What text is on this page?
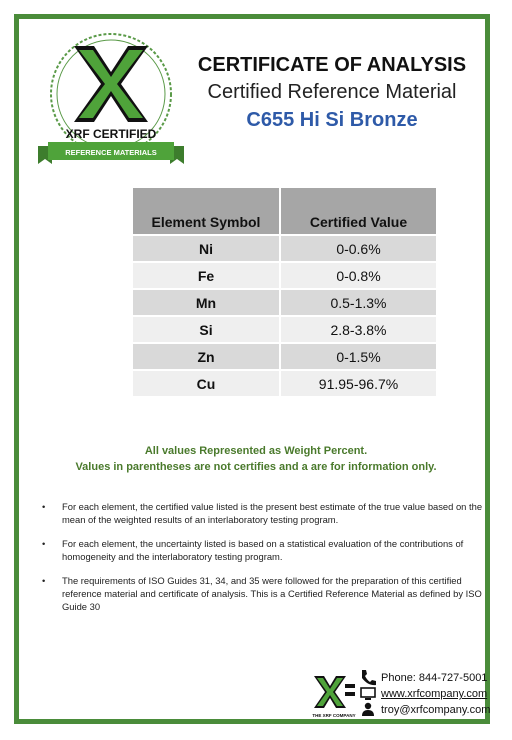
XRF CERTIFIED
REFERENCE MATERIALS
CERTIFICATE OF ANALYSIS
Certified Reference Material
C655 Hi Si Bronze
Element Symbol	Certified Value
Ni	0-0.6%
Fe	0-0.8%
Mn	0.5-1.3%
Si	2.8-3.8%
Zn	0-1.5%
Cu	91.95-96.7%
All values Represented as Weight Percent.
Values in parentheses are not certifies and a are for information only.
• For each element, the certified value listed is the present best estimate of the true value based on the mean of the weighted results of an interlaboratory testing program.
• For each element, the uncertainty listed is based on a statistical evaluation of the contributions of homogeneity and the interlaboratory testing program.
• The requirements of ISO Guides 31, 34, and 35 were followed for the preparation of this certified reference material and certificate of analysis. This is a Certified Reference Material as defined by ISO Guide 30
THE XRF COMPANY
Phone: 844-727-5001
www.xrfcompany.com
troy@xrfcompany.com
